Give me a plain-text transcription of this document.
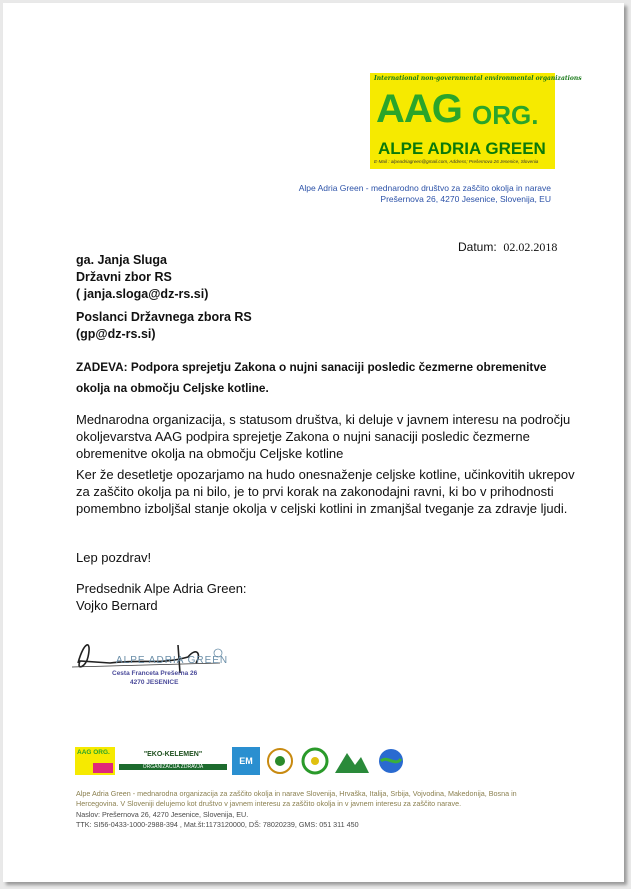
International non-governmental environmental organizations
AAG ORG.
ALPE ADRIA GREEN
E-Mail : alpeadriagreen@gmail.com, Address; Prešernova 26 Jesenice, Slovenia
Alpe Adria Green - mednarodno društvo za zaščito okolja in narave
Prešernova 26, 4270 Jesenice, Slovenija, EU
Datum: 02.02.2018
ga. Janja Sluga
Državni zbor RS
( janja.sloga@dz-rs.si)
Poslanci Državnega zbora RS
(gp@dz-rs.si)
ZADEVA: Podpora sprejetju Zakona o nujni sanaciji posledic čezmerne obremenitve okolja na območju Celjske kotline.
Mednarodna organizacija, s statusom društva, ki deluje v javnem interesu na področju okoljevarstva AAG podpira sprejetje Zakona o nujni sanaciji posledic čezmerne obremenitve okolja na območju Celjske kotline
Ker že desetletje opozarjamo na hudo onesnaženje celjske kotline, učinkovitih ukrepov za zaščito okolja pa ni bilo, je to prvi korak na zakonodajni ravni, ki bo v prihodnosti pomembno izboljšal stanje okolja v celjski kotlini in zmanjšal tveganje za zdravje ljudi.
Lep pozdrav!
Predsednik Alpe Adria Green:
Vojko Bernard
ALPE ADRIA GREEN
Cesta Franceta Prešerna 26
4270 JESENICE
AAG ORG.	"EKO-KELEMEN"
ORGANIZACIJA ZDRAVJA
EM
Alpe Adria Green - mednarodna organizacija za zaščito okolja in narave Slovenija, Hrvaška, Italija, Srbija, Vojvodina, Makedonija, Bosna in
Hercegovina. V Sloveniji delujemo kot društvo v javnem interesu za zaščito okolja in v javnem interesu za zaščito narave.
Naslov: Prešernova 26, 4270 Jesenice, Slovenija, EU.
TTK: SI56-0433-1000-2988-394 , Mat.št:1173120000, DŠ: 78020239, GMS: 051 311 450
